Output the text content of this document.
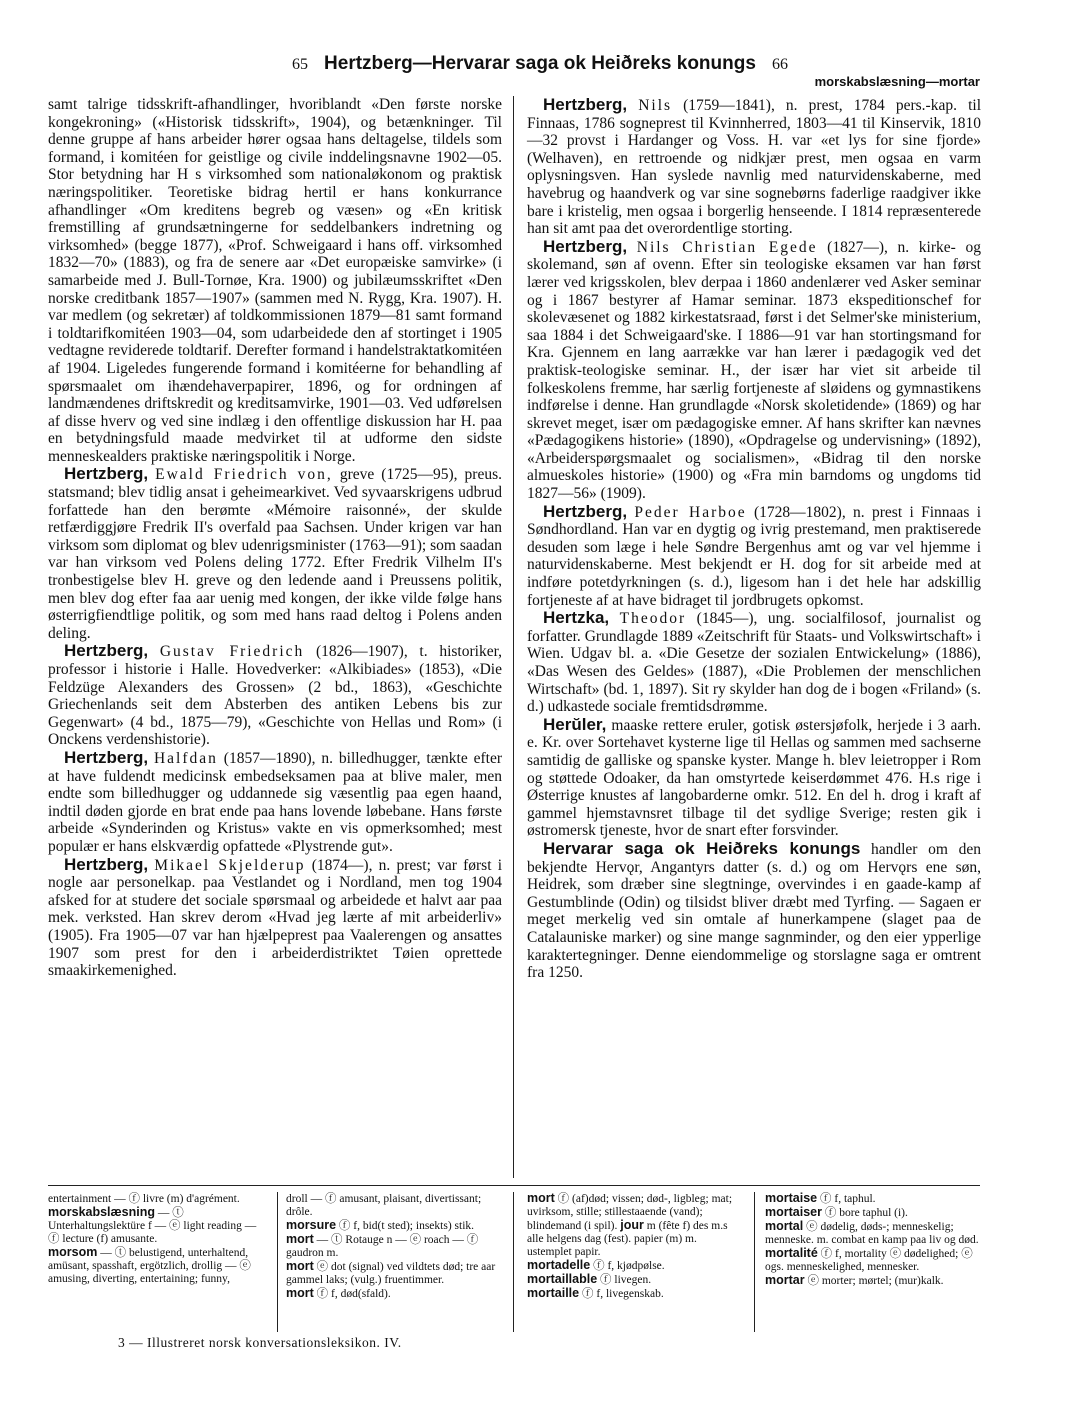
65 Hertzberg—Hervarar saga ok Heiðreks konungs 66
morskabslæsning—mortar

samt talrige tidsskrift-afhandlinger, hvoriblandt «Den første norske kongekroning» («Historisk tidsskrift», 1904), og betænkninger. Til denne gruppe af hans arbeider hører ogsaa hans deltagelse, tildels som formand, i komitéen for geistlige og civile inddelingsnavne 1902—05. Stor betydning har H s virksomhed som nationaløkonom og praktisk næringspolitiker. Teoretiske bidrag hertil er hans konkurrance afhandlinger «Om kreditens begreb og væsen» og «En kritisk fremstilling af grundsætningerne for seddelbankers indretning og virksomhed» (begge 1877), «Prof. Schweigaard i hans off. virksomhed 1832—70» (1883), og fra de senere aar «Det europæiske samvirke» (i samarbeide med J. Bull-Tornøe, Kra. 1900) og jubilæumsskriftet «Den norske creditbank 1857—1907» (sammen med N. Rygg, Kra. 1907). H. var medlem (og sekretær) af toldkommissionen 1879—81 samt formand i toldtarifkomitéen 1903—04, som udarbeidede den af stortinget i 1905 vedtagne reviderede toldtarif. Derefter formand i handelstraktatkomitéen af 1904. Ligeledes fungerende formand i komitéerne for behandling af spørsmaalet om ihændehaverpapirer, 1896, og for ordningen af landmændenes driftskredit og kreditsamvirke, 1901—03. Ved udførelsen af disse hverv og ved sine indlæg i den offentlige diskussion har H. paa en betydningsfuld maade medvirket til at udforme den sidste menneskealders praktiske næringspolitik i Norge.

Hertzberg, Ewald Friedrich von, greve (1725—95), preus. statsmand; blev tidlig ansat i geheimearkivet. Ved syvaarskrigens udbrud forfattede han den berømte «Mémoire raisonné», der skulde retfærdiggjøre Fredrik II's overfald paa Sachsen. Under krigen var han virksom som diplomat og blev udenrigsminister (1763—91); som saadan var han virksom ved Polens deling 1772. Efter Fredrik Vilhelm II's tronbestigelse blev H. greve og den ledende aand i Preussens politik, men blev dog efter faa aar uenig med kongen, der ikke vilde følge hans østerrigfiendtlige politik, og som med hans raad deltog i Polens anden deling.

Hertzberg, Gustav Friedrich (1826—1907), t. historiker, professor i historie i Halle. Hovedverker: «Alkibiades» (1853), «Die Feldzüge Alexanders des Grossen» (2 bd., 1863), «Geschichte Griechenlands seit dem Absterben des antiken Lebens bis zur Gegenwart» (4 bd., 1875—79), «Geschichte von Hellas und Rom» (i Onckens verdenshistorie).

Hertzberg, Halfdan (1857—1890), n. billedhugger, tænkte efter at have fuldendt medicinsk embedseksamen paa at blive maler, men endte som billedhugger og uddannede sig væsentlig paa egen haand, indtil døden gjorde en brat ende paa hans lovende løbebane. Hans første arbeide «Synderinden og Kristus» vakte en vis opmerksomhed; mest populær er hans elskværdig opfattede «Plystrende gut».

Hertzberg, Mikael Skjelderup (1874—), n. prest; var først i nogle aar personelkap. paa Vestlandet og i Nordland, men tog 1904 afsked for at studere det sociale spørsmaal og arbeidede et halvt aar paa mek. verksted. Han skrev derom «Hvad jeg lærte af mit arbeiderliv» (1905). Fra 1905—07 var han hjælpeprest paa Vaalerengen og ansattes 1907 som prest for den i arbeiderdistriktet Tøien oprettede smaakirkemenighed.

Hertzberg, Nils (1759—1841), n. prest, 1784 pers.-kap. til Finnaas, 1786 sogneprest til Kvinnherred, 1803—41 til Kinservik, 1810—32 provst i Hardanger og Voss. H. var «et lys for sine fjorde» (Welhaven), en rettroende og nidkjær prest, men ogsaa en varm oplysningsven. Han syslede navnlig med naturvidenskaberne, med havebrug og haandverk og var sine sognebørns faderlige raadgiver ikke bare i kristelig, men ogsaa i borgerlig henseende. I 1814 repræsenterede han sit amt paa det overordentlige storting.

Hertzberg, Nils Christian Egede (1827—), n. kirke- og skolemand, søn af ovenn. Efter sin teologiske eksamen var han først lærer ved krigsskolen, blev derpaa i 1860 andenlærer ved Asker seminar og i 1867 bestyrer af Hamar seminar. 1873 ekspeditionschef for skolevæsenet og 1882 kirkestatsraad, først i det Selmer'ske ministerium, saa 1884 i det Schweigaard'ske. I 1886—91 var han stortingsmand for Kra. Gjennem en lang aarrække var han lærer i pædagogik ved det praktisk-teologiske seminar. H., der især har viet sit arbeide til folkeskolens fremme, har særlig fortjeneste af sløidens og gymnastikens indførelse i denne. Han grundlagde «Norsk skoletidende» (1869) og har skrevet meget, især om pædagogiske emner. Af hans skrifter kan nævnes «Pædagogikens historie» (1890), «Opdragelse og undervisning» (1892), «Arbeiderspørgsmaalet og socialismen», «Bidrag til den norske almueskoles historie» (1900) og «Fra min barndoms og ungdoms tid 1827—56» (1909).

Hertzberg, Peder Harboe (1728—1802), n. prest i Finnaas i Søndhordland. Han var en dygtig og ivrig prestemand, men praktiserede desuden som læge i hele Søndre Bergenhus amt og var vel hjemme i naturvidenskaberne. Mest bekjendt er H. dog for sit arbeide med at indføre potetdyrkningen (s. d.), ligesom han i det hele har adskillig fortjeneste af at have bidraget til jordbrugets opkomst.

Hertzka, Theodor (1845—), ung. socialfilosof, journalist og forfatter. Grundlagde 1889 «Zeitschrift für Staats- und Volkswirtschaft» i Wien. Udgav bl. a. «Die Gesetze der sozialen Entwickelung» (1886), «Das Wesen des Geldes» (1887), «Die Problemen der menschlichen Wirtschaft» (bd. 1, 1897). Sit ry skylder han dog de i bogen «Friland» (s. d.) udkastede sociale fremtidsdrømme.

Herŭler, maaske rettere eruler, gotisk østersjøfolk, herjede i 3 aarh. e. Kr. over Sortehavet kysterne lige til Hellas og sammen med sachserne samtidig de galliske og spanske kyster. Mange h. blev leietropper i Rom og støttede Odoaker, da han omstyrtede keiserdømmet 476. H.s rige i Østerrige knustes af langobarderne omkr. 512. En del h. drog i kraft af gammel hjemstavnsret tilbage til det sydlige Sverige; resten gik i østromersk tjeneste, hvor de snart efter forsvinder.

Hervarar saga ok Heiðreks konungs handler om den bekjendte Hervǫr, Angantyrs datter (s. d.) og om Hervǫrs ene søn, Heidrek, som dræber sine slegtninge, overvindes i en gaade-kamp af Gestumblinde (Odin) og tilsidst bliver dræbt med Tyrfing. — Sagaen er meget merkelig ved sin omtale af hunerkampene (slaget paa de Catalauniske marker) og sine mange sagnminder, og den eier ypperlige karaktertegninger. Denne eiendommelige og storslagne saga er omtrent fra 1250.

entertainment — ⓕ livre (m) d'agrément.

morskabslæsning — ⓣ Unterhaltungslektüre f — ⓔ light reading — ⓕ lecture (f) amusante.

morsom — ⓣ belustigend, unterhaltend, amüsant, spasshaft, ergötzlich, drollig — ⓔ amusing, diverting, entertaining; funny,

droll — ⓕ amusant, plaisant, divertissant; drôle.

morsure ⓕ f, bid(t sted); insekts) stik.

mort — ⓣ Rotauge n — ⓔ roach — ⓕ gaudron m.

mort ⓔ dot (signal) ved vildtets død; tre aar gammel laks; (vulg.) fruentimmer.

mort ⓕ f, død(sfald).

mort ⓕ (af)død; vissen; død-, ligbleg; mat; uvirksom, stille; stillestaaende (vand); blindemand (i spil). jour m (fête f) des m.s alle helgens dag (fest). papier (m) m. ustemplet papir.

mortadelle ⓕ f, kjødpølse.

mortaillable ⓕ livegen.

mortaille ⓕ f, livegenskab.

mortaise ⓕ f, taphul.

mortaiser ⓕ bore taphul (i).

mortal ⓔ dødelig, døds-; menneskelig; menneske. m. combat en kamp paa liv og død.

mortalité ⓕ f, mortality ⓔ dødelighed; ⓔ ogs. menneskelighed, mennesker.

mortar ⓔ morter; mørtel; (mur)kalk.

3 — Illustreret norsk konversationsleksikon. IV.
